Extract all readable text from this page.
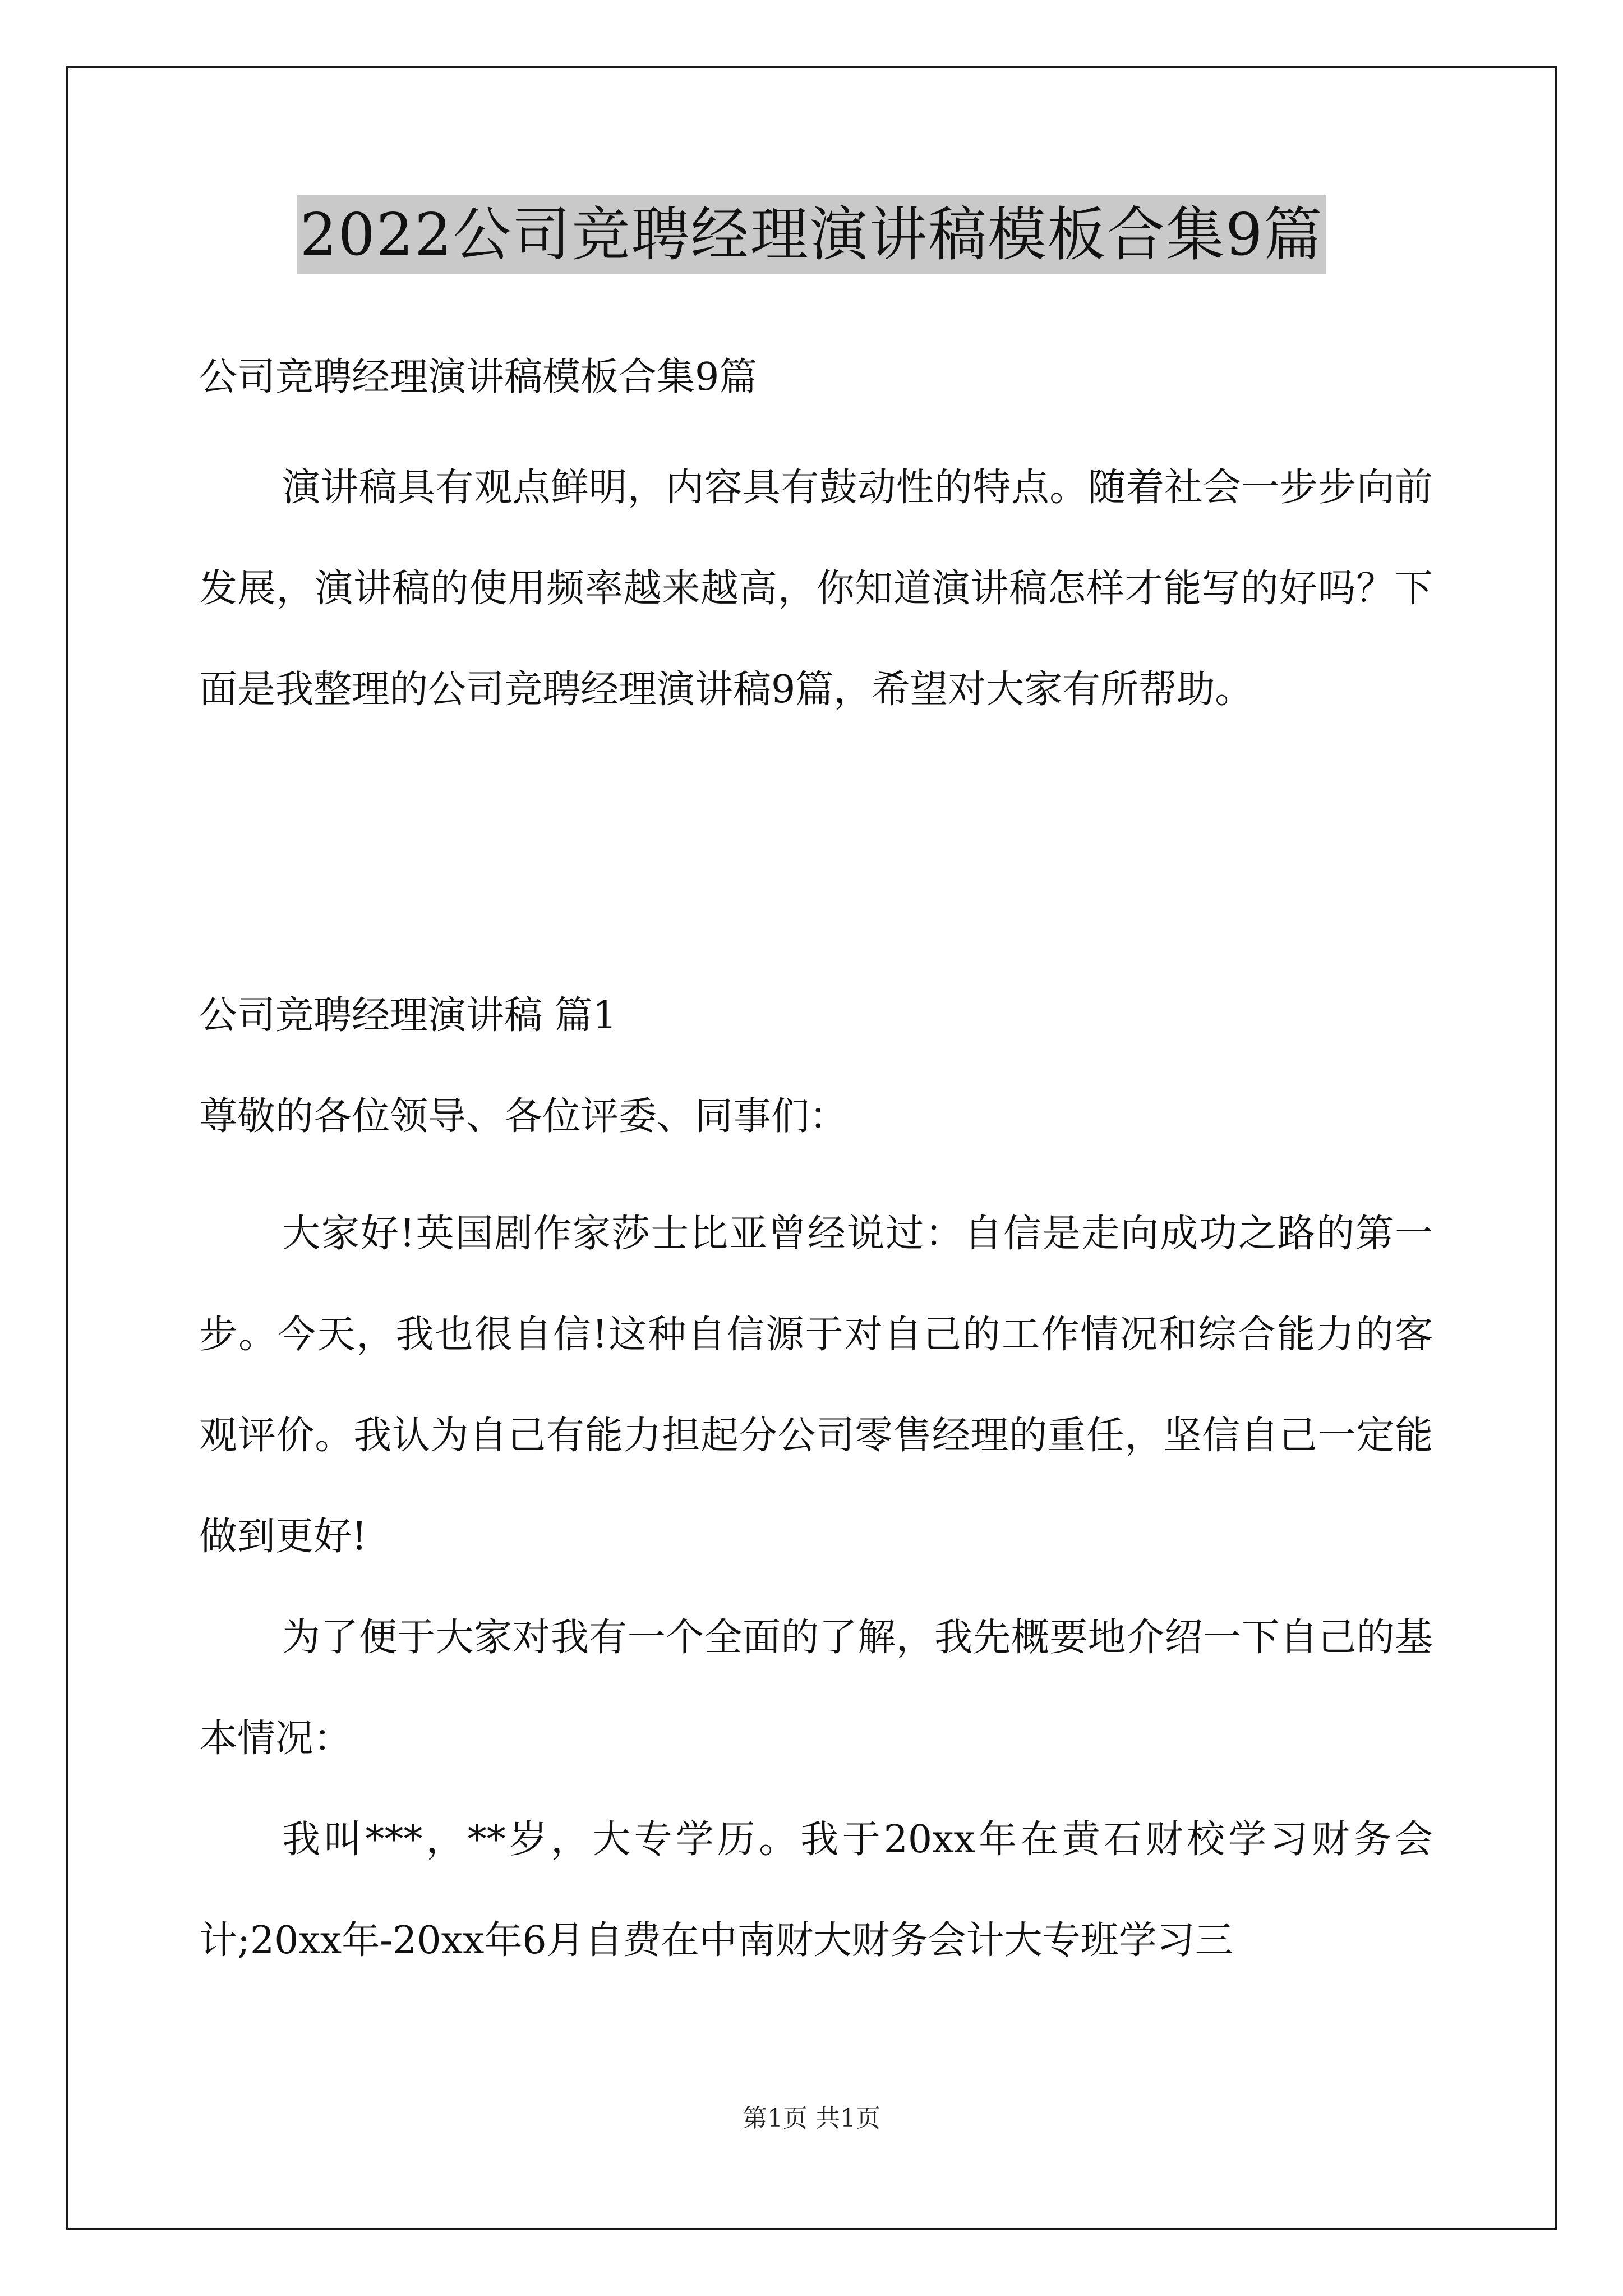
2022公司竞聘经理演讲稿模板合集9篇

公司竞聘经理演讲稿模板合集9篇

演讲稿具有观点鲜明，内容具有鼓动性的特点。随着社会一步步向前发展，演讲稿的使用频率越来越高，你知道演讲稿怎样才能写的好吗？下面是我整理的公司竞聘经理演讲稿9篇，希望对大家有所帮助。

公司竞聘经理演讲稿 篇1

尊敬的各位领导、各位评委、同事们：

大家好!英国剧作家莎士比亚曾经说过：自信是走向成功之路的第一步。今天，我也很自信!这种自信源于对自己的工作情况和综合能力的客观评价。我认为自己有能力担起分公司零售经理的重任，坚信自己一定能做到更好!

为了便于大家对我有一个全面的了解，我先概要地介绍一下自己的基本情况：

我叫***，**岁，大专学历。我于20xx年在黄石财校学习财务会计;20xx年-20xx年6月自费在中南财大财务会计大专班学习三

第1页 共1页
